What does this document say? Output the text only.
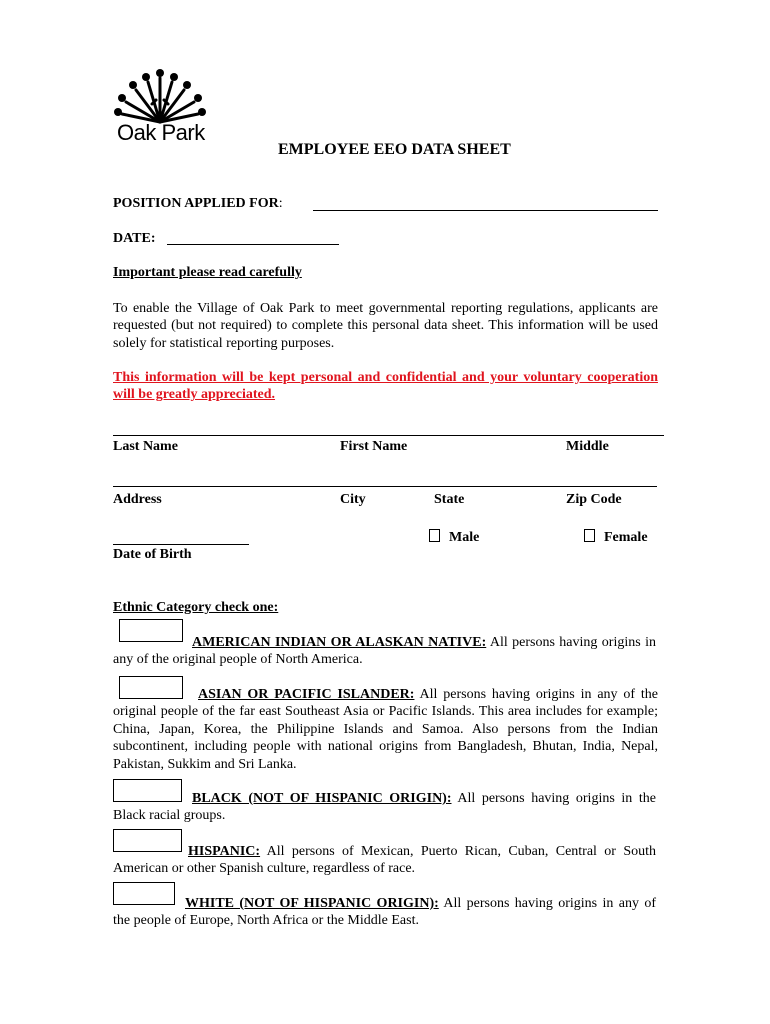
Oak Park
EMPLOYEE EEO DATA SHEET
POSITION APPLIED FOR:
DATE:
Important please read carefully
To enable the Village of Oak Park to meet governmental reporting regulations, applicants are requested (but not required) to complete this personal data sheet. This information will be used solely for statistical reporting purposes.
This information will be kept personal and confidential and your voluntary cooperation will be greatly appreciated.
Last Name	First Name	Middle
Address	City	State	Zip Code
Male	Female
Date of Birth
Ethnic Category check one:
AMERICAN INDIAN OR ALASKAN NATIVE: All persons having origins in any of the original people of North America.
ASIAN OR PACIFIC ISLANDER: All persons having origins in any of the original people of the far east Southeast Asia or Pacific Islands. This area includes for example; China, Japan, Korea, the Philippine Islands and Samoa. Also persons from the Indian subcontinent, including people with national origins from Bangladesh, Bhutan, India, Nepal, Pakistan, Sukkim and Sri Lanka.
BLACK (NOT OF HISPANIC ORIGIN): All persons having origins in the Black racial groups.
HISPANIC: All persons of Mexican, Puerto Rican, Cuban, Central or South American or other Spanish culture, regardless of race.
WHITE (NOT OF HISPANIC ORIGIN): All persons having origins in any of the people of Europe, North Africa or the Middle East.
